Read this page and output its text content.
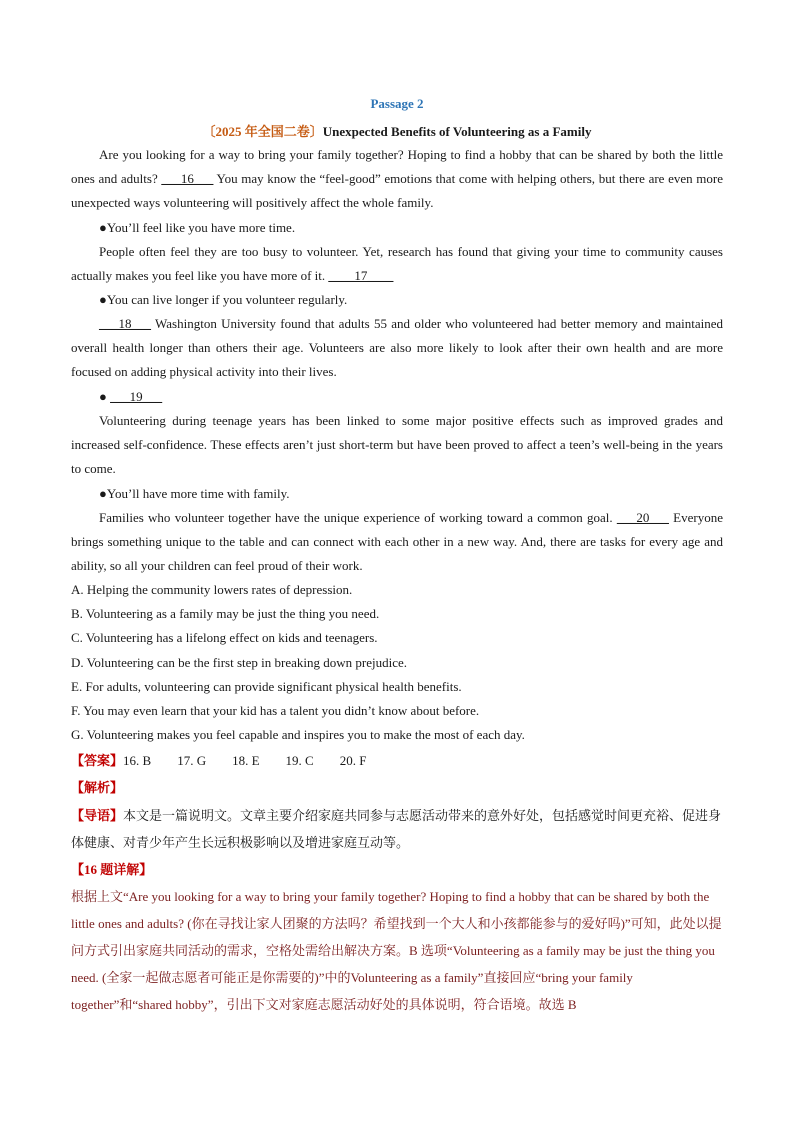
Passage 2
〔2025 年全国二卷〕Unexpected Benefits of Volunteering as a Family
Are you looking for a way to bring your family together? Hoping to find a hobby that can be shared by both the little ones and adults? ___16___ You may know the “feel-good” emotions that come with helping others, but there are even more unexpected ways volunteering will positively affect the whole family.
●You’ll feel like you have more time.
People often feel they are too busy to volunteer. Yet, research has found that giving your time to community causes actually makes you feel like you have more of it. ____17____
●You can live longer if you volunteer regularly.
___18___ Washington University found that adults 55 and older who volunteered had better memory and maintained overall health longer than others their age. Volunteers are also more likely to look after their own health and are more focused on adding physical activity into their lives.
● ___19___
Volunteering during teenage years has been linked to some major positive effects such as improved grades and increased self-confidence. These effects aren’t just short-term but have been proved to affect a teen’s well-being in the years to come.
●You’ll have more time with family.
Families who volunteer together have the unique experience of working toward a common goal. ___20___ Everyone brings something unique to the table and can connect with each other in a new way. And, there are tasks for every age and ability, so all your children can feel proud of their work.
A. Helping the community lowers rates of depression.
B. Volunteering as a family may be just the thing you need.
C. Volunteering has a lifelong effect on kids and teenagers.
D. Volunteering can be the first step in breaking down prejudice.
E. For adults, volunteering can provide significant physical health benefits.
F. You may even learn that your kid has a talent you didn’t know about before.
G. Volunteering makes you feel capable and inspires you to make the most of each day.
【答案】16. B 17. G 18. E 19. C 20. F
【解析】
【导语】本文是一篇说明文。文章主要介绍家庭共同参与志愿活动带来的意外好处，包括感觉时间更充裕、促进身体健康、对青少年产生长远积极影响以及增进家庭互动等。
【16 题详解】
根据上文“Are you looking for a way to bring your family together? Hoping to find a hobby that can be shared by both the little ones and adults? (你在寻找让家人团聚的方法吗？希望找到一个大人和小孩都能参与的爱好吗)”可知，此处以提问方式引出家庭共同活动的需求，空格处需给出解决方案。B 选项“Volunteering as a family may be just the thing you need. (全家一起做志愿者可能正是你需要的)”中的Volunteering as a family”直接回应“bring your family together”和“shared hobby”，引出下文对家庭志愿活动好处的具体说明，符合语境。故选 B
